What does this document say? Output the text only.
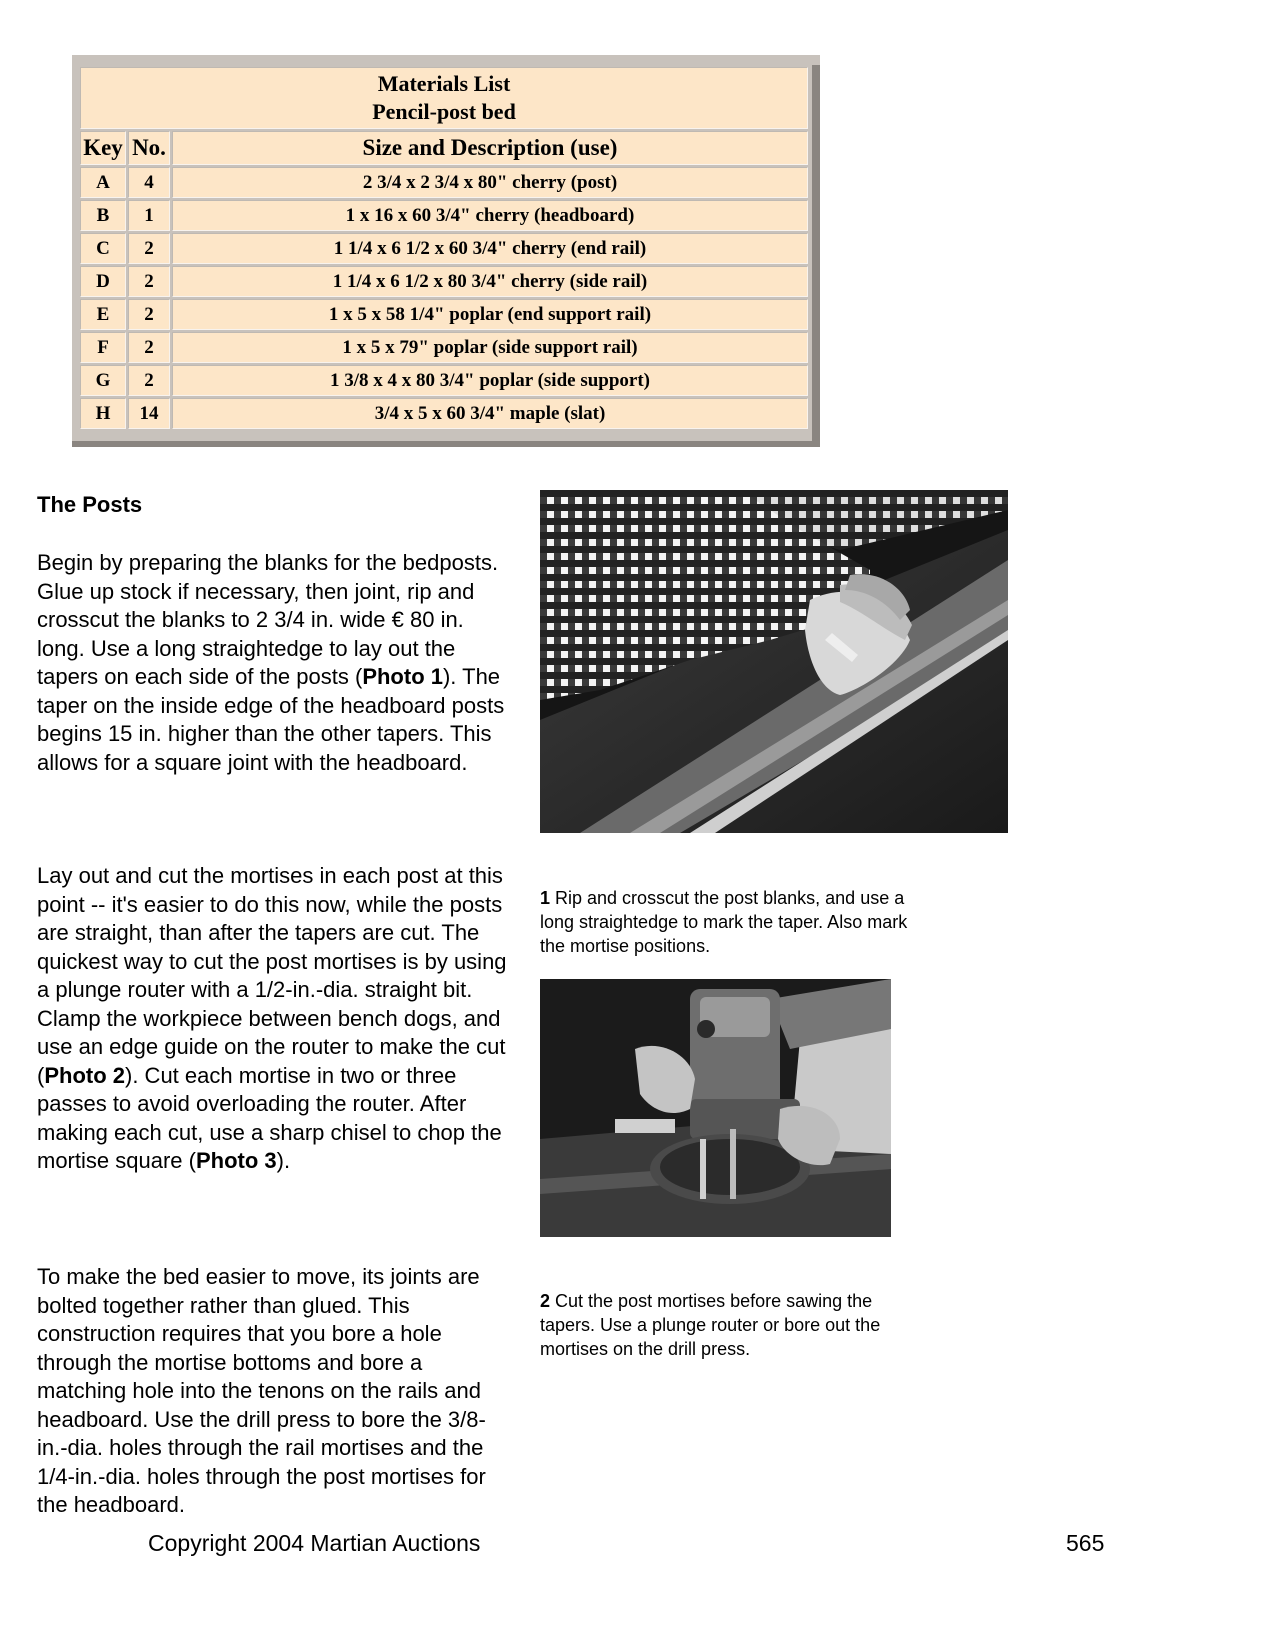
Materials List
Pencil-post bed		

Key	No.	Size and Description (use)
A	4	2 3/4 x 2 3/4 x 80" cherry (post)
B	1	1 x 16 x 60 3/4" cherry (headboard)
C	2	1 1/4 x 6 1/2 x 60 3/4" cherry (end rail)
D	2	1 1/4 x 6 1/2 x 80 3/4" cherry (side rail)
E	2	1 x 5 x 58 1/4" poplar (end support rail)
F	2	1 x 5 x 79" poplar (side support rail)
G	2	1 3/8 x 4 x 80 3/4" poplar (side support)
H	14	3/4 x 5 x 60 3/4" maple (slat)
The Posts
Begin by preparing the blanks for the bedposts. Glue up stock if necessary, then joint, rip and crosscut the blanks to 2 3/4 in. wide € 80 in. long. Use a long straightedge to lay out the tapers on each side of the posts (Photo 1). The taper on the inside edge of the headboard posts begins 15 in. higher than the other tapers. This allows for a square joint with the headboard.
Lay out and cut the mortises in each post at this point -- it's easier to do this now, while the posts are straight, than after the tapers are cut. The quickest way to cut the post mortises is by using a plunge router with a 1/2-in.-dia. straight bit. Clamp the workpiece between bench dogs, and use an edge guide on the router to make the cut (Photo 2). Cut each mortise in two or three passes to avoid overloading the router. After making each cut, use a sharp chisel to chop the mortise square (Photo 3).
To make the bed easier to move, its joints are bolted together rather than glued. This construction requires that you bore a hole through the mortise bottoms and bore a matching hole into the tenons on the rails and headboard. Use the drill press to bore the 3/8-in.-dia. holes through the rail mortises and the 1/4-in.-dia. holes through the post mortises for the headboard.
1 Rip and crosscut the post blanks, and use a long straightedge to mark the taper. Also mark the mortise positions.
2 Cut the post mortises before sawing the tapers. Use a plunge router or bore out the mortises on the drill press.
Copyright 2004 Martian Auctions	565
